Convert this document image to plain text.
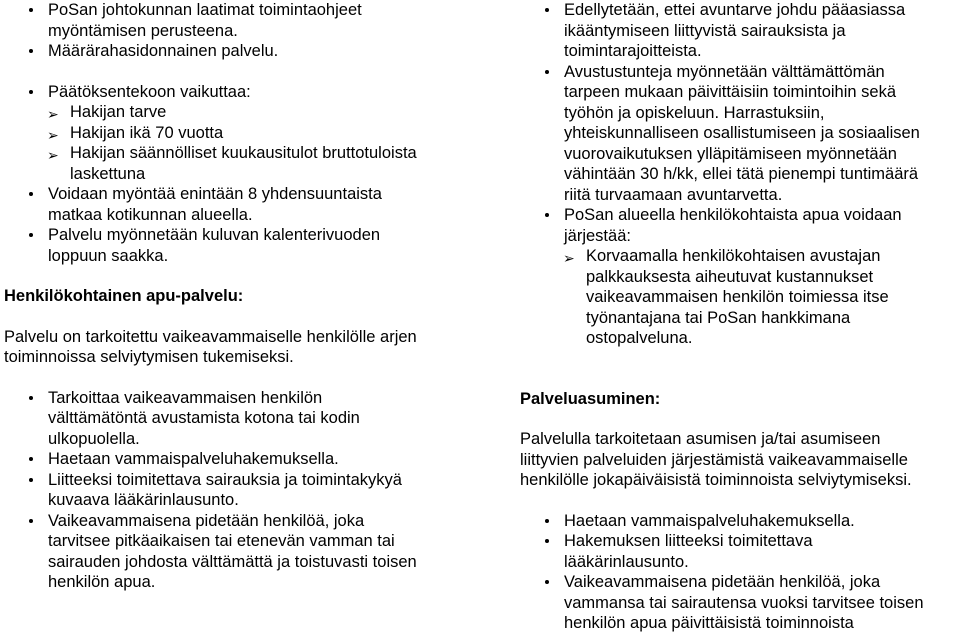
PoSan johtokunnan laatimat toimintaohjeet
myöntämisen perusteena.
Määrärahasidonnainen palvelu.
Päätöksentekoon vaikuttaa:
➢ Hakijan tarve
➢ Hakijan ikä 70 vuotta
➢ Hakijan säännölliset kuukausitulot bruttotuloista
laskettuna
Voidaan myöntää enintään 8 yhdensuuntaista
matkaa kotikunnan alueella.
Palvelu myönnetään kuluvan kalenterivuoden
loppuun saakka.
Henkilökohtainen apu-palvelu:
Palvelu on tarkoitettu vaikeavammaiselle henkilölle arjen
toiminnoissa selviytymisen tukemiseksi.
Tarkoittaa vaikeavammaisen henkilön
välttämätöntä avustamista kotona tai kodin
ulkopuolella.
Haetaan vammaispalveluhakemuksella.
Liitteeksi toimitettava sairauksia ja toimintakykyä
kuvaava lääkärinlausunto.
Vaikeavammaisena pidetään henkilöä, joka
tarvitsee pitkäaikaisen tai etenevän vamman tai
sairauden johdosta välttämättä ja toistuvasti toisen
henkilön apua.
Edellytetään, ettei avuntarve johdu pääasiassa
ikääntymiseen liittyvistä sairauksista ja
toimintarajoitteista.
Avustustunteja myönnetään välttämättömän
tarpeen mukaan päivittäisiin toimintoihin sekä
työhön ja opiskeluun. Harrastuksiin,
yhteiskunnalliseen osallistumiseen ja sosiaalisen
vuorovaikutuksen ylläpitämiseen myönnetään
vähintään 30 h/kk, ellei tätä pienempi tuntimäärä
riitä turvaamaan avuntarvetta.
PoSan alueella henkilökohtaista apua voidaan
järjestää:
➢ Korvaamalla henkilökohtaisen avustajan
palkkauksesta aiheutuvat kustannukset
vaikeavammaisen henkilön toimiessa itse
työnantajana tai PoSan hankkimana
ostopalveluna.
Palveluasuminen:
Palvelulla tarkoitetaan asumisen ja/tai asumiseen
liittyvien palveluiden järjestämistä vaikeavammaiselle
henkilölle jokapäiväisistä toiminnoista selviytymiseksi.
Haetaan vammaispalveluhakemuksella.
Hakemuksen liitteeksi toimitettava
lääkärinlausunto.
Vaikeavammaisena pidetään henkilöä, joka
vammansa tai sairautensa vuoksi tarvitsee toisen
henkilön apua päivittäisistä toiminnoista
